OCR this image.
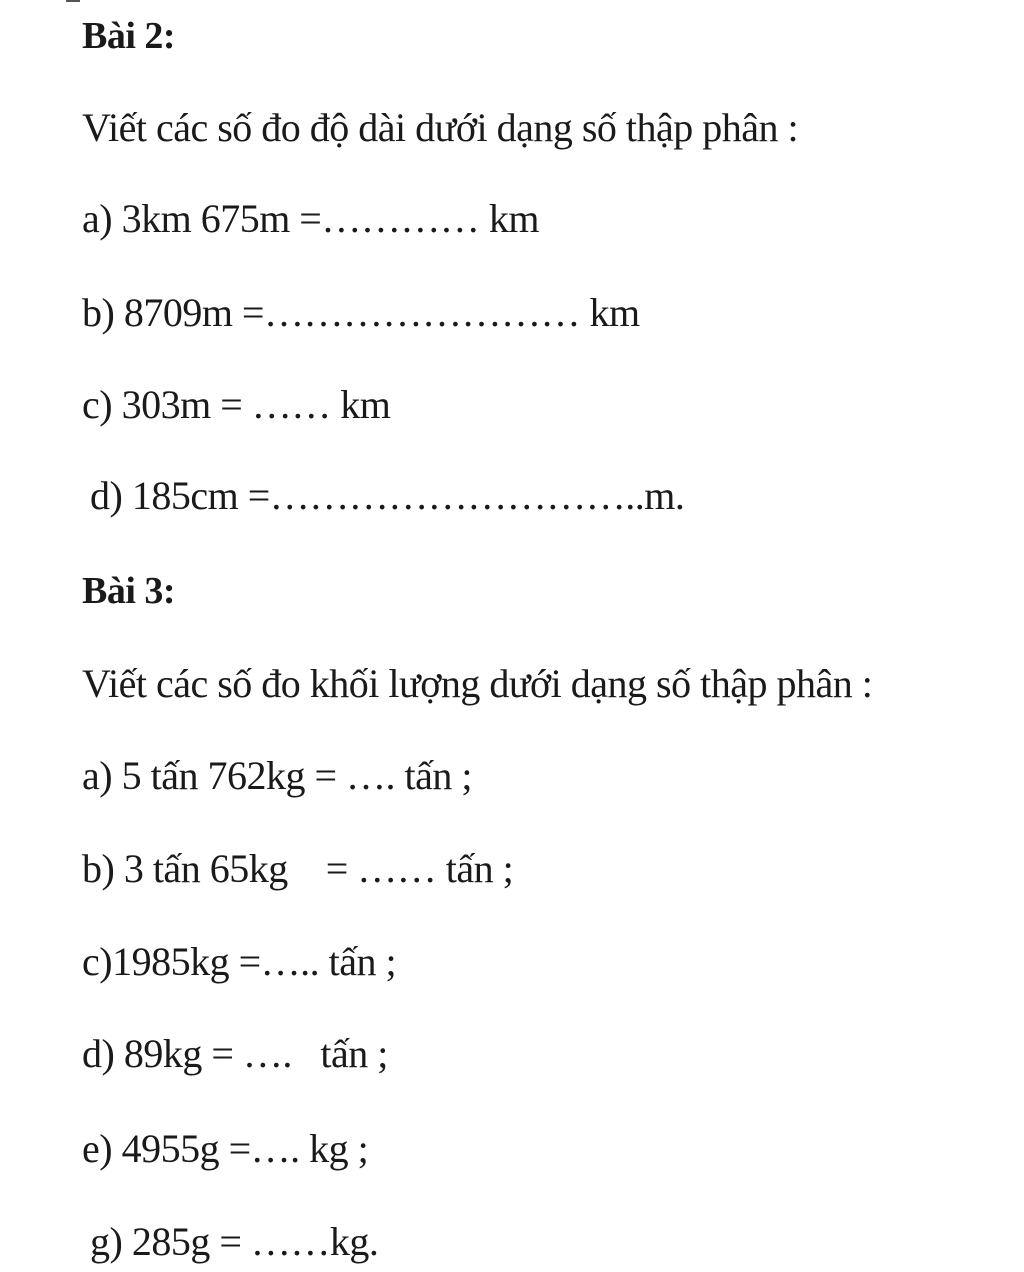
Bài 2:
Viết các số đo độ dài dưới dạng số thập phân :
a) 3km 675m =………… km
b) 8709m =…………………… km
c) 303m = …… km
d) 185cm =………………………..m.
Bài 3:
Viết các số đo khối lượng dưới dạng số thập phân :
a) 5 tấn 762kg = …. tấn ;
b) 3 tấn 65kg    = …… tấn ;
c)1985kg =….. tấn ;
d) 89kg = ….   tấn ;
e) 4955g =…. kg ;
g) 285g = ……kg.
